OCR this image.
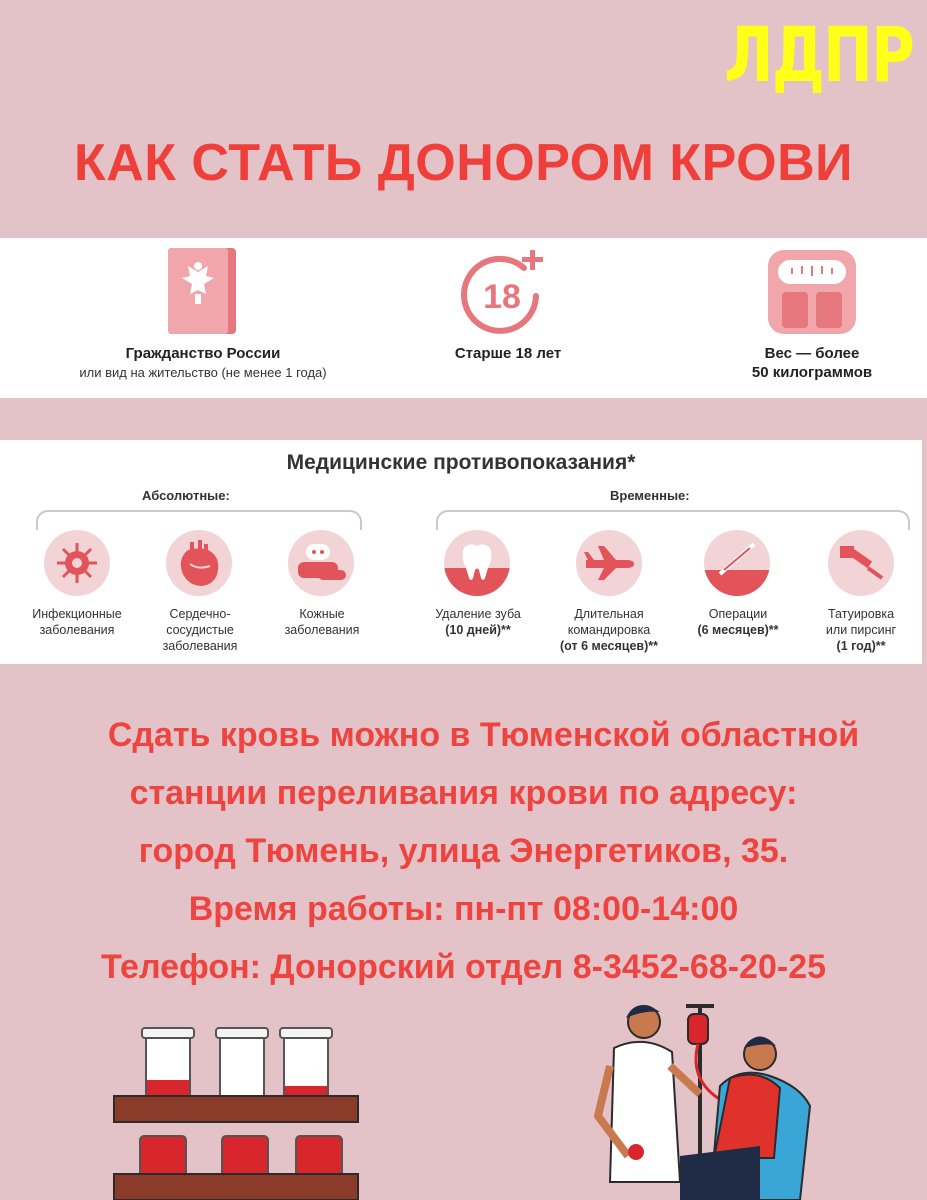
ЛДПР
КАК СТАТЬ ДОНОРОМ КРОВИ
Гражданство России
или вид на жительство (не менее 1 года)
18
Старше 18 лет	Вес — более
50 килограммов
Медицинские противопоказания*
Абсолютные:	Временные:
Инфекционные
заболевания
Сердечно-
сосудистые
заболевания
Кожные
заболевания
Удаление зуба
(10 дней)**
Длительная
командировка
(от 6 месяцев)**
Операции
(6 месяцев)**
Татуировка
или пирсинг
(1 год)**
Сдать кровь можно в Тюменской областной
станции переливания крови по адресу:
город Тюмень, улица Энергетиков, 35.
Время работы: пн-пт 08:00-14:00
Телефон: Донорский отдел 8-3452-68-20-25
